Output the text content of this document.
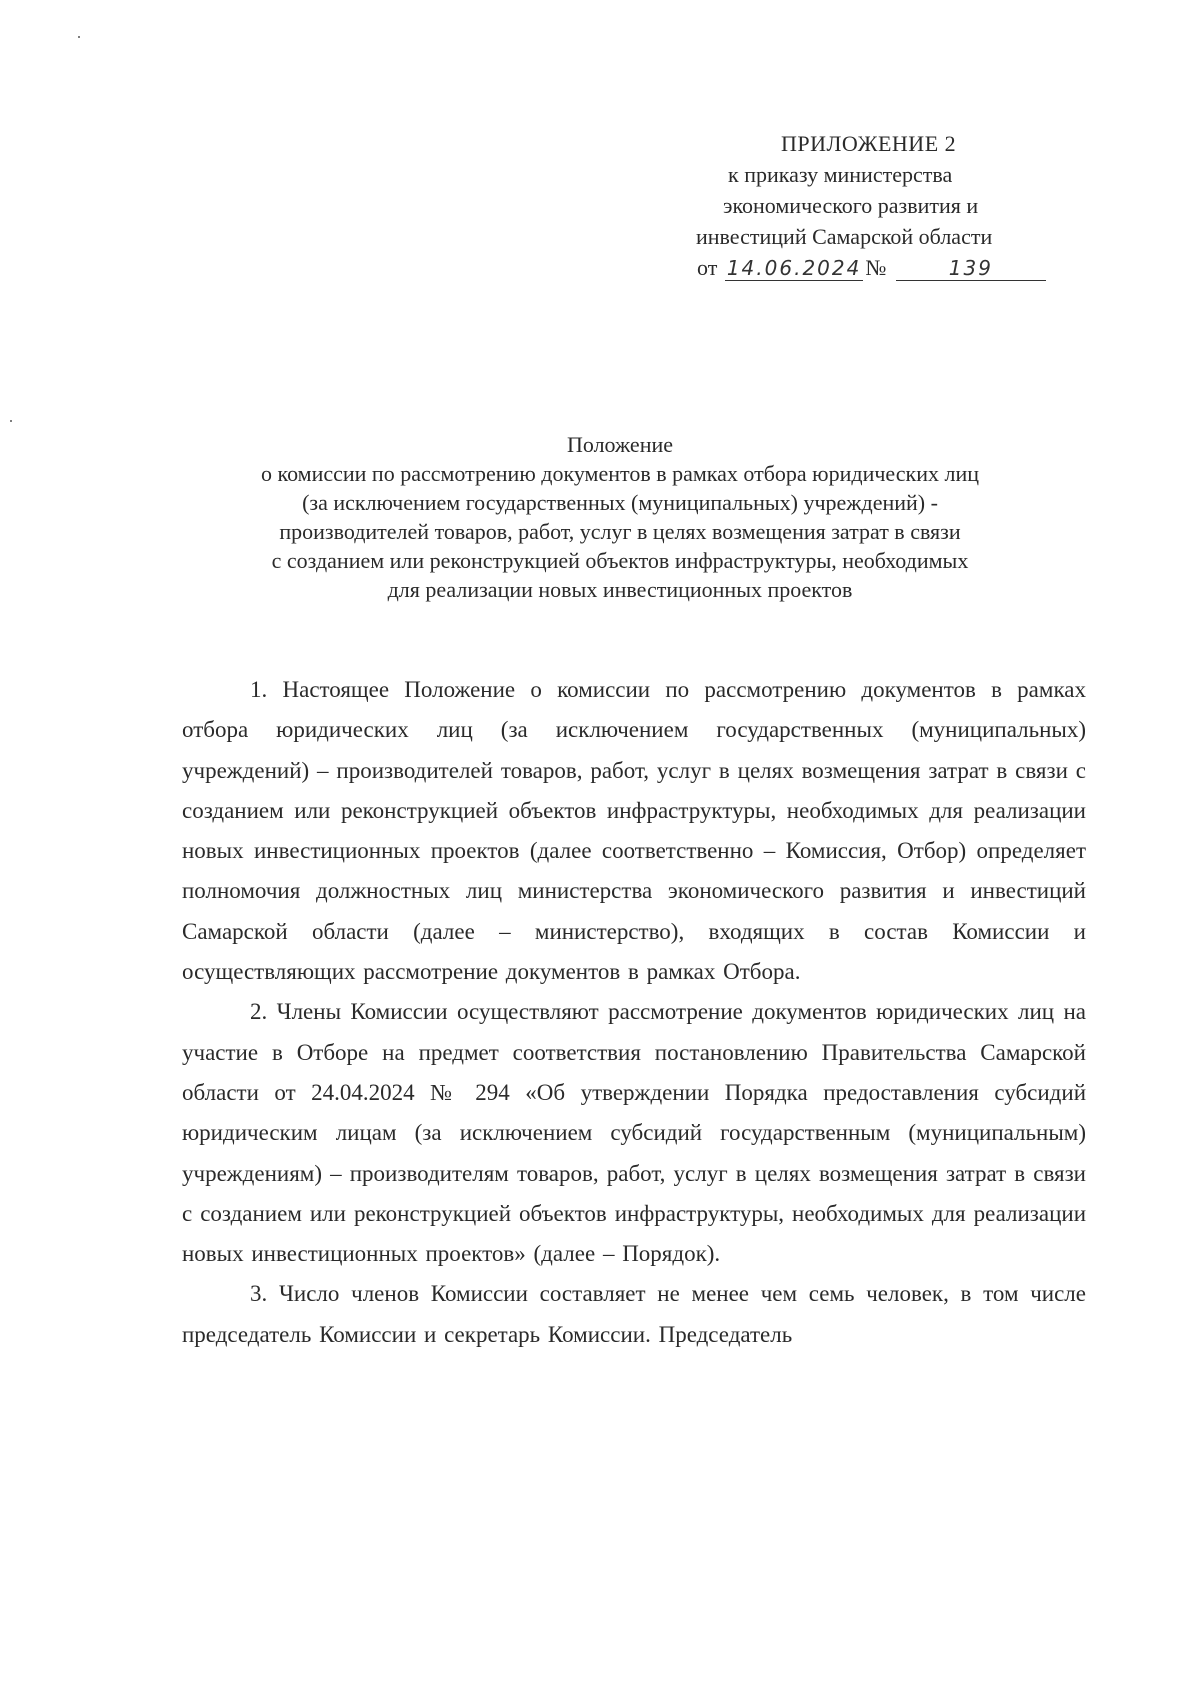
ПРИЛОЖЕНИЕ 2
к приказу министерства
экономического развития и
инвестиций Самарской области
от 14.06.2024 №	139
Положение
о комиссии по рассмотрению документов в рамках отбора юридических лиц
(за исключением государственных (муниципальных) учреждений) -
производителей товаров, работ, услуг в целях возмещения затрат в связи
с созданием или реконструкцией объектов инфраструктуры, необходимых
для реализации новых инвестиционных проектов

1. Настоящее Положение о комиссии по рассмотрению документов в рамках отбора юридических лиц (за исключением государственных (муниципальных) учреждений) – производителей товаров, работ, услуг в целях возмещения затрат в связи с созданием или реконструкцией объектов инфраструктуры, необходимых для реализации новых инвестиционных проектов (далее соответственно – Комиссия, Отбор) определяет полномочия должностных лиц министерства экономического развития и инвестиций Самарской области (далее – министерство), входящих в состав Комиссии и осуществляющих рассмотрение документов в рамках Отбора.

2. Члены Комиссии осуществляют рассмотрение документов юридических лиц на участие в Отборе на предмет соответствия постановлению Правительства Самарской области от 24.04.2024 № 294 «Об утверждении Порядка предоставления субсидий юридическим лицам (за исключением субсидий государственным (муниципальным) учреждениям) – производителям товаров, работ, услуг в целях возмещения затрат в связи с созданием или реконструкцией объектов инфраструктуры, необходимых для реализации новых инвестиционных проектов» (далее – Порядок).

3. Число членов Комиссии составляет не менее чем семь человек, в том числе председатель Комиссии и секретарь Комиссии. Председатель
